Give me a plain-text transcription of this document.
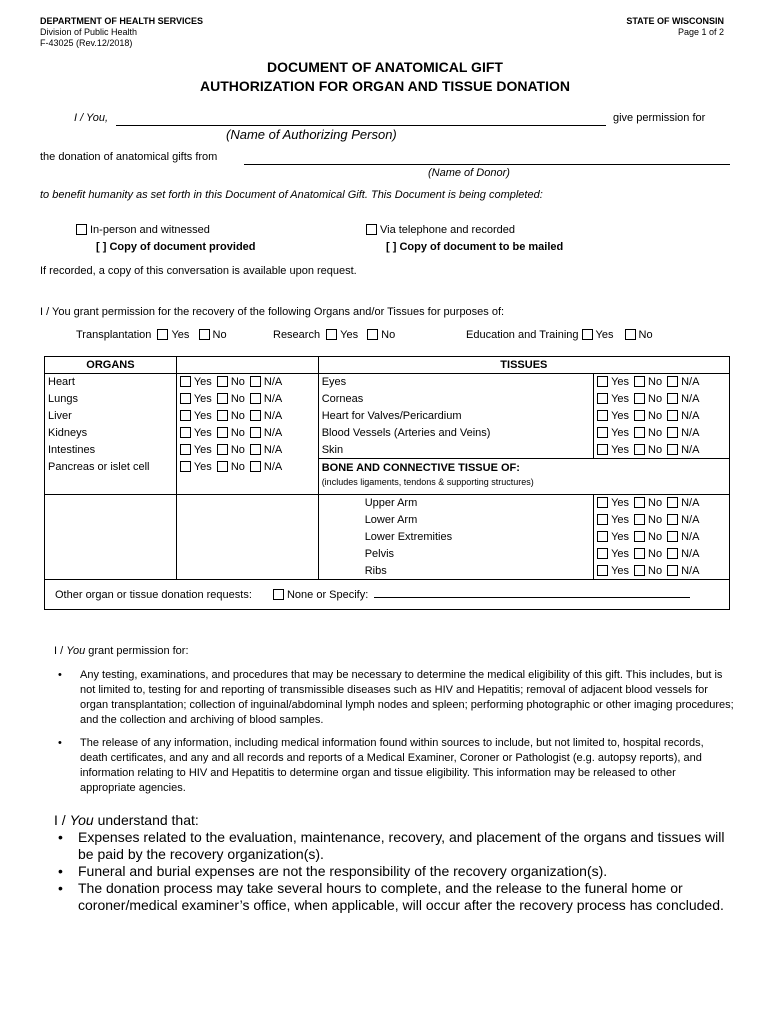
DEPARTMENT OF HEALTH SERVICES
Division of Public Health
F-43025 (Rev.12/2018)
STATE OF WISCONSIN
Page 1 of 2
DOCUMENT OF ANATOMICAL GIFT
AUTHORIZATION FOR ORGAN AND TISSUE DONATION
I / You,	give permission for
(Name of Authorizing Person)
the donation of anatomical gifts from
(Name of Donor)
to benefit humanity as set forth in this Document of Anatomical Gift. This Document is being completed:
In-person and witnessed
[ ] Copy of document provided
Via telephone and recorded
[ ] Copy of document to be mailed
If recorded, a copy of this conversation is available upon request.
I / You grant permission for the recovery of the following Organs and/or Tissues for purposes of:
Transplantation Yes No	Research Yes No	Education and Training Yes No
ORGANS		TISSUES	
Heart	Yes No N/A	Eyes	Yes No N/A
Lungs	Yes No N/A	Corneas	Yes No N/A
Liver	Yes No N/A	Heart for Valves/Pericardium	Yes No N/A
Kidneys	Yes No N/A	Blood Vessels (Arteries and Veins)	Yes No N/A
Intestines	Yes No N/A	Skin	Yes No N/A
Pancreas or islet cell	Yes No N/A	BONE AND CONNECTIVE TISSUE OF:
(includes ligaments, tendons & supporting structures)	

		Upper Arm	Yes No N/A
		Lower Arm	Yes No N/A
		Lower Extremities	Yes No N/A
		Pelvis	Yes No N/A
		Ribs	Yes No N/A
Other organ or tissue donation requests: None or Specify:			
I / You grant permission for:
• Any testing, examinations, and procedures that may be necessary to determine the medical eligibility of this gift. This includes, but is not limited to, testing for and reporting of transmissible diseases such as HIV and Hepatitis; removal of adjacent blood vessels for organ transplantation; collection of inguinal/abdominal lymph nodes and spleen; performing photographic or other imaging procedures; and the collection and archiving of blood samples.
• The release of any information, including medical information found within sources to include, but not limited to, hospital records, death certificates, and any and all records and reports of a Medical Examiner, Coroner or Pathologist (e.g. autopsy reports), and information relating to HIV and Hepatitis to determine organ and tissue eligibility. This information may be released to other appropriate agencies.
I / You understand that:
• Expenses related to the evaluation, maintenance, recovery, and placement of the organs and tissues will be paid by the recovery organization(s).
• Funeral and burial expenses are not the responsibility of the recovery organization(s).
• The donation process may take several hours to complete, and the release to the funeral home or coroner/medical examiner’s office, when applicable, will occur after the recovery process has concluded.
